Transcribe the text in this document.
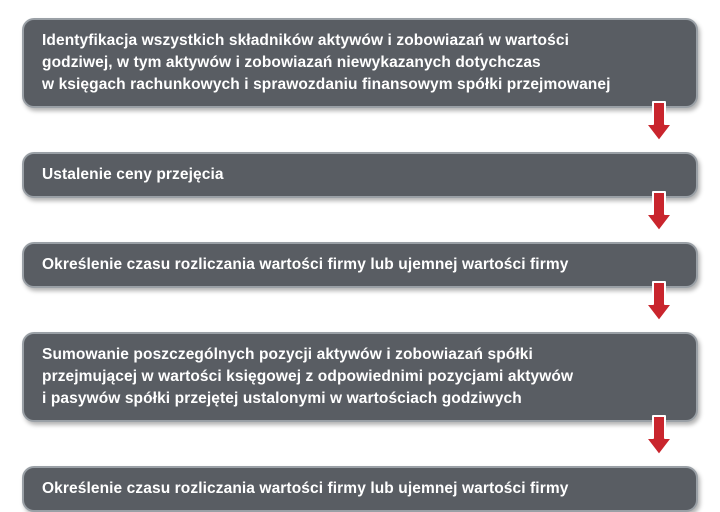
Identyfikacja wszystkich składników aktywów i zobowiazań w wartości
godziwej, w tym aktywów i zobowiazań niewykazanych dotychczas
w księgach rachunkowych i sprawozdaniu finansowym spółki przejmowanej
Ustalenie ceny przejęcia
Określenie czasu rozliczania wartości firmy lub ujemnej wartości firmy
Sumowanie poszczególnych pozycji aktywów i zobowiazań spółki
przejmującej w wartości księgowej z odpowiednimi pozycjami aktywów
i pasywów spółki przejętej ustalonymi w wartościach godziwych
Określenie czasu rozliczania wartości firmy lub ujemnej wartości firmy
